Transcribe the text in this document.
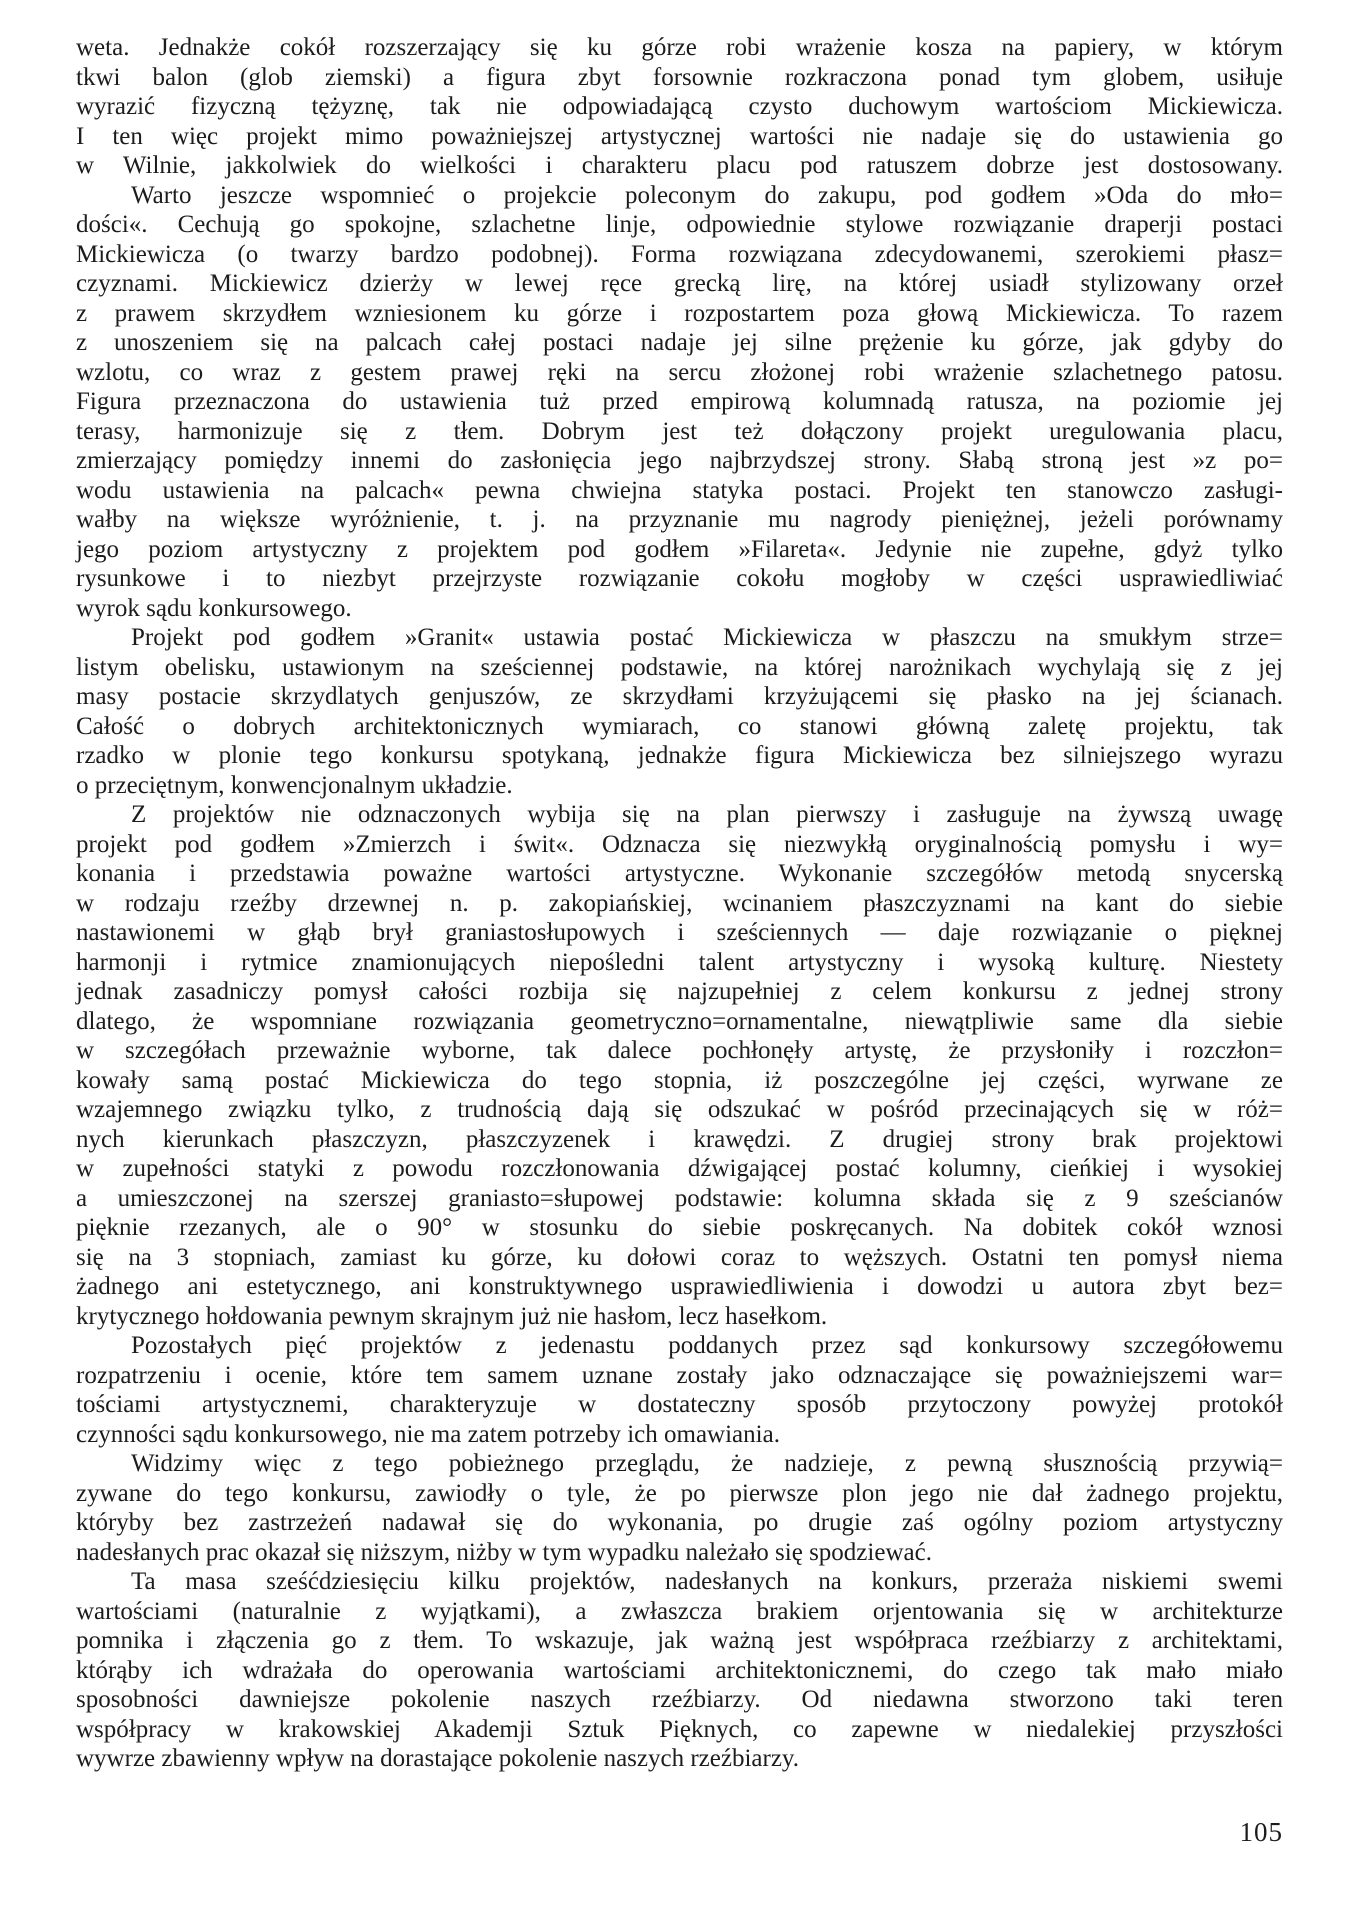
weta. Jednakże cokół rozszerzający się ku górze robi wrażenie kosza na papiery, w którym
tkwi balon (glob ziemski) a figura zbyt forsownie rozkraczona ponad tym globem, usiłuje
wyrazić fizyczną tężyznę, tak nie odpowiadającą czysto duchowym wartościom Mickiewicza.
I ten więc projekt mimo poważniejszej artystycznej wartości nie nadaje się do ustawienia go
w Wilnie, jakkolwiek do wielkości i charakteru placu pod ratuszem dobrze jest dostosowany.
Warto jeszcze wspomnieć o projekcie poleconym do zakupu, pod godłem »Oda do mło=
dości«. Cechują go spokojne, szlachetne linje, odpowiednie stylowe rozwiązanie draperji postaci
Mickiewicza (o twarzy bardzo podobnej). Forma rozwiązana zdecydowanemi, szerokiemi płasz=
czyznami. Mickiewicz dzierży w lewej ręce grecką lirę, na której usiadł stylizowany orzeł
z prawem skrzydłem wzniesionem ku górze i rozpostartem poza głową Mickiewicza. To razem
z unoszeniem się na palcach całej postaci nadaje jej silne prężenie ku górze, jak gdyby do
wzlotu, co wraz z gestem prawej ręki na sercu złożonej robi wrażenie szlachetnego patosu.
Figura przeznaczona do ustawienia tuż przed empirową kolumnadą ratusza, na poziomie jej
terasy, harmonizuje się z tłem. Dobrym jest też dołączony projekt uregulowania placu,
zmierzający pomiędzy innemi do zasłonięcia jego najbrzydszej strony. Słabą stroną jest »z po=
wodu ustawienia na palcach« pewna chwiejna statyka postaci. Projekt ten stanowczo zasługi-
wałby na większe wyróżnienie, t. j. na przyznanie mu nagrody pieniężnej, jeżeli porównamy
jego poziom artystyczny z projektem pod godłem »Filareta«. Jedynie nie zupełne, gdyż tylko
rysunkowe i to niezbyt przejrzyste rozwiązanie cokołu mogłoby w części usprawiedliwiać
wyrok sądu konkursowego.
Projekt pod godłem »Granit« ustawia postać Mickiewicza w płaszczu na smukłym strze=
listym obelisku, ustawionym na sześciennej podstawie, na której narożnikach wychylają się z jej
masy postacie skrzydlatych genjuszów, ze skrzydłami krzyżującemi się płasko na jej ścianach.
Całość o dobrych architektonicznych wymiarach, co stanowi główną zaletę projektu, tak
rzadko w plonie tego konkursu spotykaną, jednakże figura Mickiewicza bez silniejszego wyrazu
o przeciętnym, konwencjonalnym układzie.
Z projektów nie odznaczonych wybija się na plan pierwszy i zasługuje na żywszą uwagę
projekt pod godłem »Zmierzch i świt«. Odznacza się niezwykłą oryginalnością pomysłu i wy=
konania i przedstawia poważne wartości artystyczne. Wykonanie szczegółów metodą snycerską
w rodzaju rzeźby drzewnej n. p. zakopiańskiej, wcinaniem płaszczyznami na kant do siebie
nastawionemi w głąb brył graniastosłupowych i sześciennych — daje rozwiązanie o pięknej
harmonji i rytmice znamionujących niepośledni talent artystyczny i wysoką kulturę. Niestety
jednak zasadniczy pomysł całości rozbija się najzupełniej z celem konkursu z jednej strony
dlatego, że wspomniane rozwiązania geometryczno=ornamentalne, niewątpliwie same dla siebie
w szczegółach przeważnie wyborne, tak dalece pochłonęły artystę, że przysłoniły i rozczłon=
kowały samą postać Mickiewicza do tego stopnia, iż poszczególne jej części, wyrwane ze
wzajemnego związku tylko, z trudnością dają się odszukać w pośród przecinających się w róż=
nych kierunkach płaszczyzn, płaszczyzenek i krawędzi. Z drugiej strony brak projektowi
w zupełności statyki z powodu rozczłonowania dźwigającej postać kolumny, cieńkiej i wysokiej
a umieszczonej na szerszej graniasto=słupowej podstawie: kolumna składa się z 9 sześcianów
pięknie rzezanych, ale o 90° w stosunku do siebie poskręcanych. Na dobitek cokół wznosi
się na 3 stopniach, zamiast ku górze, ku dołowi coraz to węższych. Ostatni ten pomysł niema
żadnego ani estetycznego, ani konstruktywnego usprawiedliwienia i dowodzi u autora zbyt bez=
krytycznego hołdowania pewnym skrajnym już nie hasłom, lecz hasełkom.
Pozostałych pięć projektów z jedenastu poddanych przez sąd konkursowy szczegółowemu
rozpatrzeniu i ocenie, które tem samem uznane zostały jako odznaczające się poważniejszemi war=
tościami artystycznemi, charakteryzuje w dostateczny sposób przytoczony powyżej protokół
czynności sądu konkursowego, nie ma zatem potrzeby ich omawiania.
Widzimy więc z tego pobieżnego przeglądu, że nadzieje, z pewną słusznością przywią=
zywane do tego konkursu, zawiodły o tyle, że po pierwsze plon jego nie dał żadnego projektu,
któryby bez zastrzeżeń nadawał się do wykonania, po drugie zaś ogólny poziom artystyczny
nadesłanych prac okazał się niższym, niżby w tym wypadku należało się spodziewać.
Ta masa sześćdziesięciu kilku projektów, nadesłanych na konkurs, przeraża niskiemi swemi
wartościami (naturalnie z wyjątkami), a zwłaszcza brakiem orjentowania się w architekturze
pomnika i złączenia go z tłem. To wskazuje, jak ważną jest współpraca rzeźbiarzy z architektami,
którąby ich wdrażała do operowania wartościami architektonicznemi, do czego tak mało miało
sposobności dawniejsze pokolenie naszych rzeźbiarzy. Od niedawna stworzono taki teren
współpracy w krakowskiej Akademji Sztuk Pięknych, co zapewne w niedalekiej przyszłości
wywrze zbawienny wpływ na dorastające pokolenie naszych rzeźbiarzy.
105
